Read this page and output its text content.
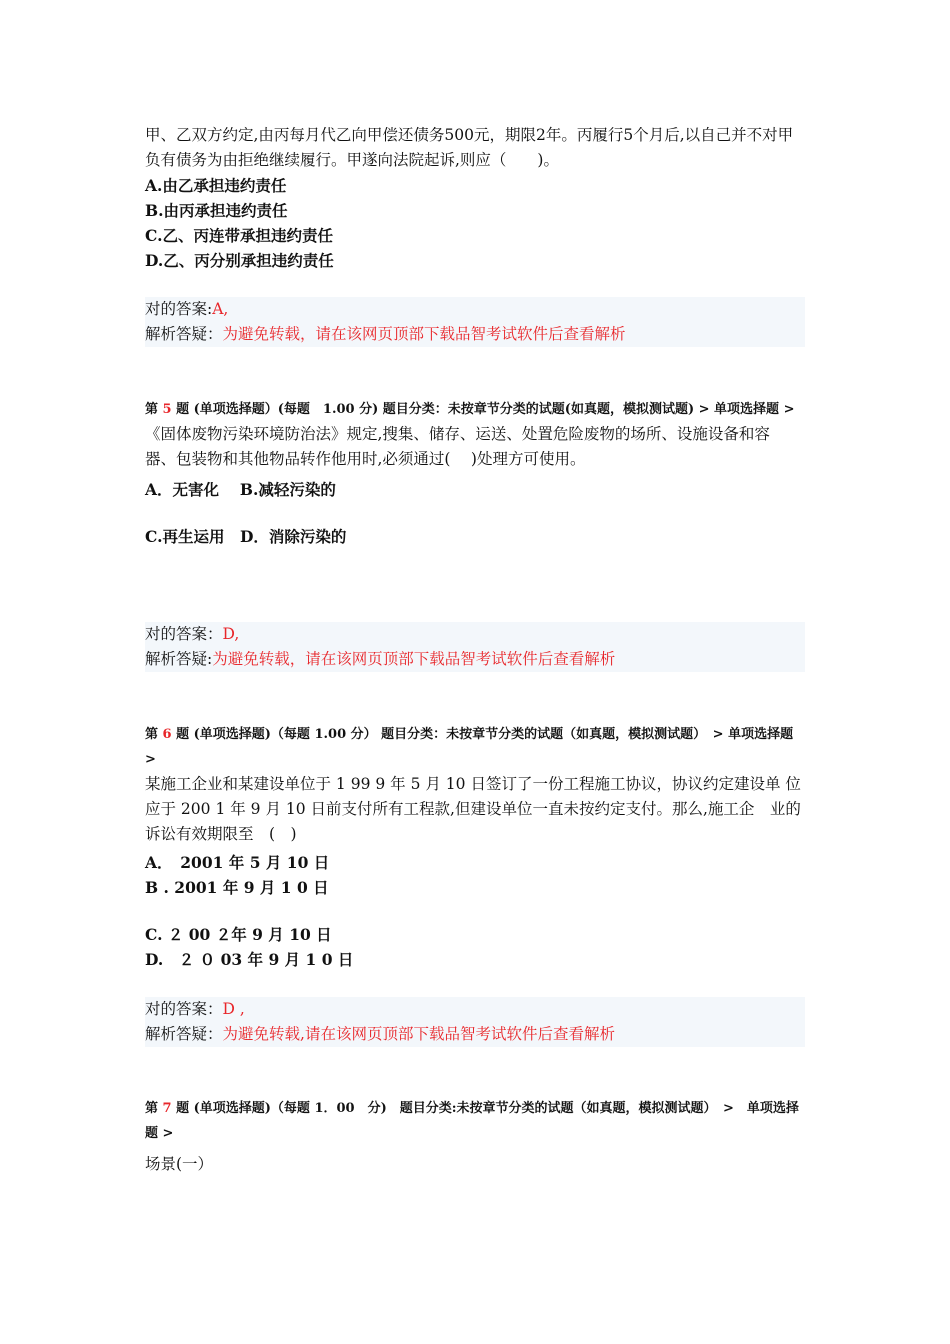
甲、乙双方约定,由丙每月代乙向甲偿还债务500元，期限2年。丙履行5个月后,以自己并不对甲负有债务为由拒绝继续履行。甲遂向法院起诉,则应（　　)。

A.由乙承担违约责任

B.由丙承担违约责任

C.乙、丙连带承担违约责任

D.乙、丙分别承担违约责任

对的答案:A,

解析答疑：为避免转载，请在该网页顶部下载品智考试软件后查看解析

第 5 题 (单项选择题）(每题　1.00 分) 题目分类：未按章节分类的试题(如真题，模拟测试题) > 单项选择题 >

《固体废物污染环境防治法》规定,搜集、储存、运送、处置危险废物的场所、设施设备和容 器、包装物和其他物品转作他用时,必须通过(　 )处理方可使用。

A．无害化　 B.减轻污染的

C.再生运用　D．消除污染的

对的答案：D,

解析答疑:为避免转载，请在该网页顶部下载品智考试软件后查看解析

第 6 题 (单项选择题)（每题 1.00 分） 题目分类：未按章节分类的试题（如真题，模拟测试题）　> 单项选择题 >

某施工企业和某建设单位于 1 99 9 年 5 月 10 日签订了一份工程施工协议，协议约定建设单 位应于 200 1 年 9 月 10 日前支付所有工程款,但建设单位一直未按约定支付。那么,施工企　业的诉讼有效期限至　(　)

A．　2001 年 5 月 10 日

B . 2001 年 9 月 1 0 日

C. ２ 00 ２年 9 月 10 日

D.　２ ０ 03 年 9 月 1 0 日

对的答案：D ,

解析答疑：为避免转载,请在该网页顶部下载品智考试软件后查看解析

第 7 题 (单项选择题)（每题 1．00　分)　题目分类:未按章节分类的试题（如真题，模拟测试题）　>　单项选择题 >

场景(一）
